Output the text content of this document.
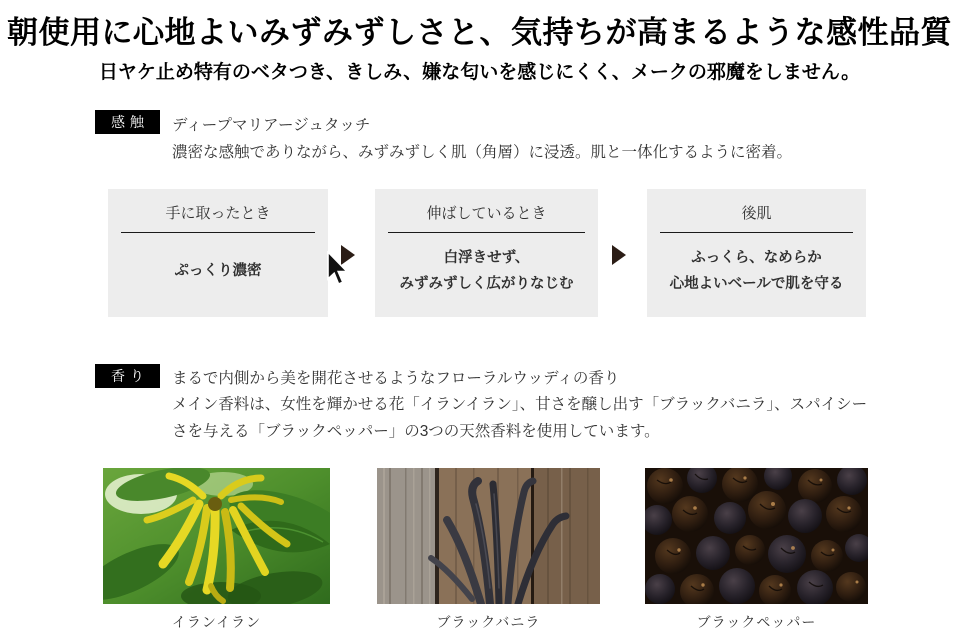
朝使用に心地よいみずみずしさと、気持ちが高まるような感性品質

日ヤケ止め特有のベタつき、きしみ、嫌な匂いを感じにくく、メークの邪魔をしません。

感触	ディープマリアージュタッチ

濃密な感触でありながら、みずみずしく肌（角層）に浸透。肌と一体化するように密着。

手に取ったとき
ぷっくり濃密
伸ばしているとき
白浮きせず、
みずみずしく広がりなじむ
後肌
ふっくら、なめらか
心地よいベールで肌を守る
香り	まるで内側から美を開花させるようなフローラルウッディの香り

メイン香料は、女性を輝かせる花「イランイラン」、甘さを醸し出す「ブラックバニラ」、スパイシー
さを与える「ブラックペッパー」の3つの天然香料を使用しています。

イランイラン	ブラックバニラ	ブラックペッパー
